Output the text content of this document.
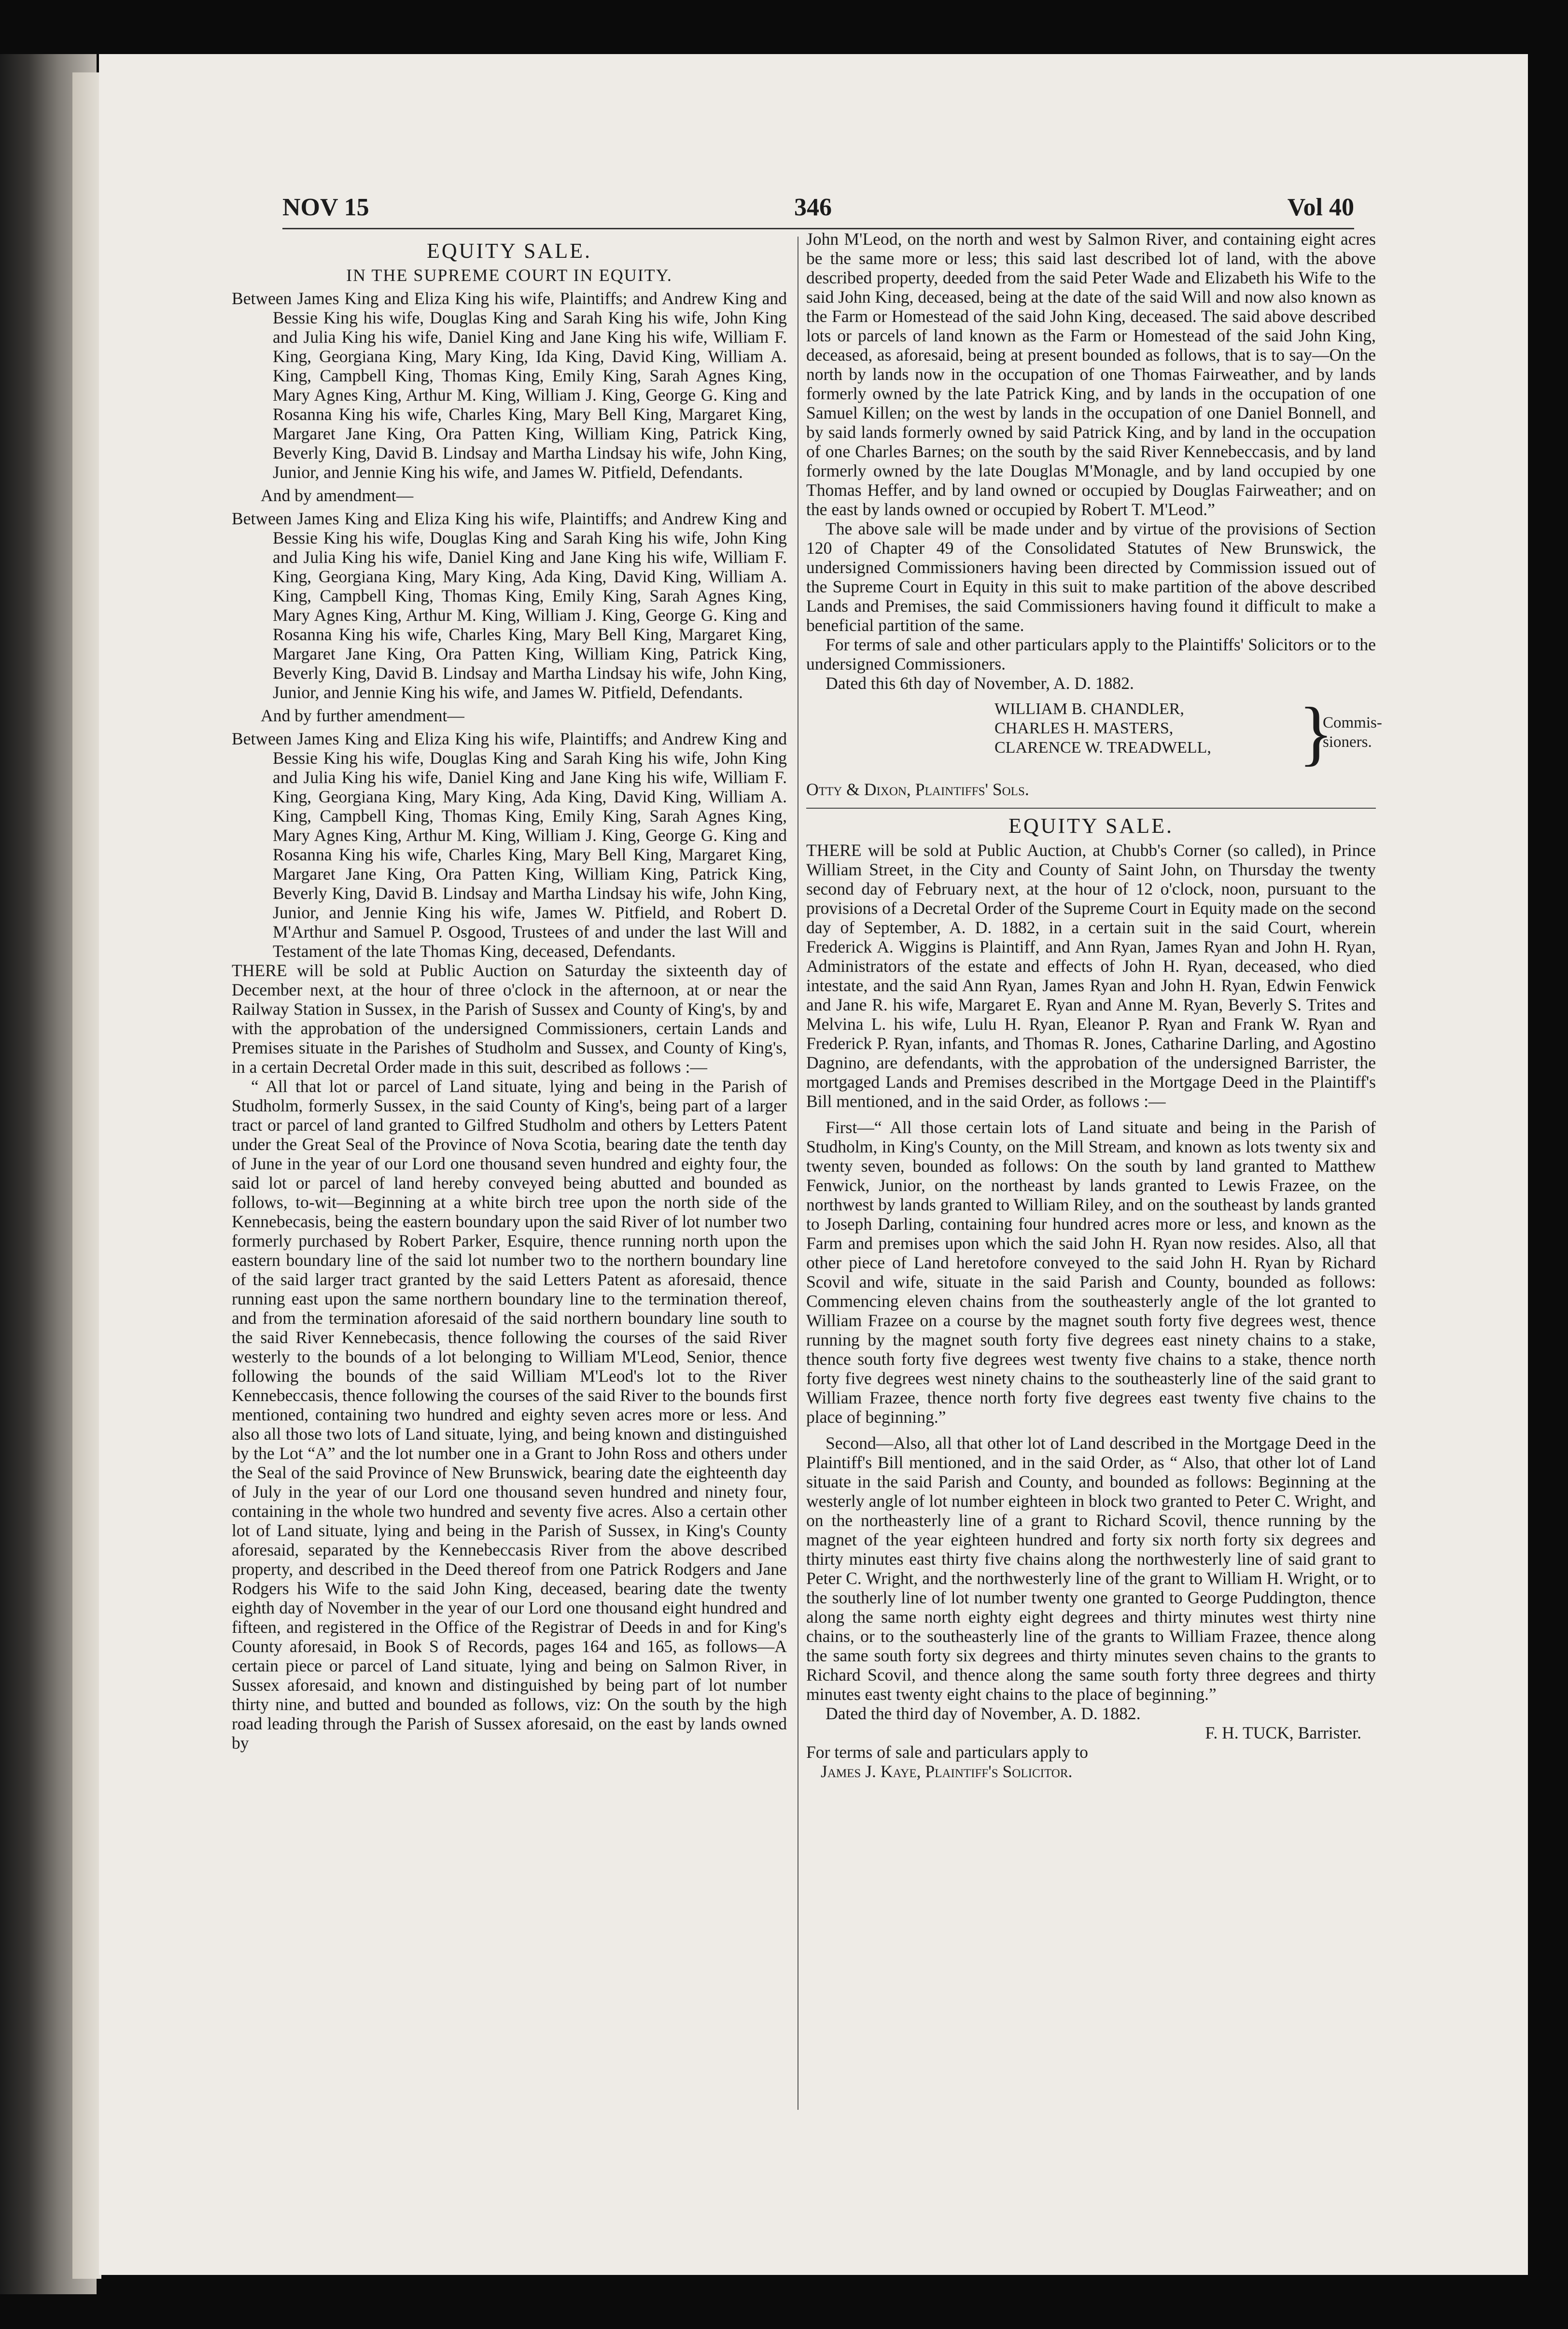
NOV 15	346	Vol 40

EQUITY SALE.

IN THE SUPREME COURT IN EQUITY.

Between James King and Eliza King his wife, Plaintiffs; and Andrew King and Bessie King his wife, Douglas King and Sarah King his wife, John King and Julia King his wife, Daniel King and Jane King his wife, William F. King, Georgiana King, Mary King, Ida King, David King, William A. King, Campbell King, Thomas King, Emily King, Sarah Agnes King, Mary Agnes King, Arthur M. King, William J. King, George G. King and Rosanna King his wife, Charles King, Mary Bell King, Margaret King, Margaret Jane King, Ora Patten King, William King, Patrick King, Beverly King, David B. Lindsay and Martha Lindsay his wife, John King, Junior, and Jennie King his wife, and James W. Pitfield, Defendants.

And by amendment—

Between James King and Eliza King his wife, Plaintiffs; and Andrew King and Bessie King his wife, Douglas King and Sarah King his wife, John King and Julia King his wife, Daniel King and Jane King his wife, William F. King, Georgiana King, Mary King, Ada King, David King, William A. King, Campbell King, Thomas King, Emily King, Sarah Agnes King, Mary Agnes King, Arthur M. King, William J. King, George G. King and Rosanna King his wife, Charles King, Mary Bell King, Margaret King, Margaret Jane King, Ora Patten King, William King, Patrick King, Beverly King, David B. Lindsay and Martha Lindsay his wife, John King, Junior, and Jennie King his wife, and James W. Pitfield, Defendants.

And by further amendment—

Between James King and Eliza King his wife, Plaintiffs; and Andrew King and Bessie King his wife, Douglas King and Sarah King his wife, John King and Julia King his wife, Daniel King and Jane King his wife, William F. King, Georgiana King, Mary King, Ada King, David King, William A. King, Campbell King, Thomas King, Emily King, Sarah Agnes King, Mary Agnes King, Arthur M. King, William J. King, George G. King and Rosanna King his wife, Charles King, Mary Bell King, Margaret King, Margaret Jane King, Ora Patten King, William King, Patrick King, Beverly King, David B. Lindsay and Martha Lindsay his wife, John King, Junior, and Jennie King his wife, James W. Pitfield, and Robert D. M'Arthur and Samuel P. Osgood, Trustees of and under the last Will and Testament of the late Thomas King, deceased, Defendants.

THERE will be sold at Public Auction on Saturday the sixteenth day of December next, at the hour of three o'clock in the afternoon, at or near the Railway Station in Sussex, in the Parish of Sussex and County of King's, by and with the approbation of the undersigned Commissioners, certain Lands and Premises situate in the Parishes of Studholm and Sussex, and County of King's, in a certain Decretal Order made in this suit, described as follows :—

“ All that lot or parcel of Land situate, lying and being in the Parish of Studholm, formerly Sussex, in the said County of King's, being part of a larger tract or parcel of land granted to Gilfred Studholm and others by Letters Patent under the Great Seal of the Province of Nova Scotia, bearing date the tenth day of June in the year of our Lord one thousand seven hundred and eighty four, the said lot or parcel of land hereby conveyed being abutted and bounded as follows, to-wit—Beginning at a white birch tree upon the north side of the Kennebecasis, being the eastern boundary upon the said River of lot number two formerly purchased by Robert Parker, Esquire, thence running north upon the eastern boundary line of the said lot number two to the northern boundary line of the said larger tract granted by the said Letters Patent as aforesaid, thence running east upon the same northern boundary line to the termination thereof, and from the termination aforesaid of the said northern boundary line south to the said River Kennebecasis, thence following the courses of the said River westerly to the bounds of a lot belonging to William M'Leod, Senior, thence following the bounds of the said William M'Leod's lot to the River Kennebeccasis, thence following the courses of the said River to the bounds first mentioned, containing two hundred and eighty seven acres more or less. And also all those two lots of Land situate, lying, and being known and distinguished by the Lot “A” and the lot number one in a Grant to John Ross and others under the Seal of the said Province of New Brunswick, bearing date the eighteenth day of July in the year of our Lord one thousand seven hundred and ninety four, containing in the whole two hundred and seventy five acres. Also a certain other lot of Land situate, lying and being in the Parish of Sussex, in King's County aforesaid, separated by the Kennebeccasis River from the above described property, and described in the Deed thereof from one Patrick Rodgers and Jane Rodgers his Wife to the said John King, deceased, bearing date the twenty eighth day of November in the year of our Lord one thousand eight hundred and fifteen, and registered in the Office of the Registrar of Deeds in and for King's County aforesaid, in Book S of Records, pages 164 and 165, as follows—A certain piece or parcel of Land situate, lying and being on Salmon River, in Sussex aforesaid, and known and distinguished by being part of lot number thirty nine, and butted and bounded as follows, viz: On the south by the high road leading through the Parish of Sussex aforesaid, on the east by lands owned by

John M'Leod, on the north and west by Salmon River, and containing eight acres be the same more or less; this said last described lot of land, with the above described property, deeded from the said Peter Wade and Elizabeth his Wife to the said John King, deceased, being at the date of the said Will and now also known as the Farm or Homestead of the said John King, deceased. The said above described lots or parcels of land known as the Farm or Homestead of the said John King, deceased, as aforesaid, being at present bounded as follows, that is to say—On the north by lands now in the occupation of one Thomas Fairweather, and by lands formerly owned by the late Patrick King, and by lands in the occupation of one Samuel Killen; on the west by lands in the occupation of one Daniel Bonnell, and by said lands formerly owned by said Patrick King, and by land in the occupation of one Charles Barnes; on the south by the said River Kennebeccasis, and by land formerly owned by the late Douglas M'Monagle, and by land occupied by one Thomas Heffer, and by land owned or occupied by Douglas Fairweather; and on the east by lands owned or occupied by Robert T. M'Leod.”

The above sale will be made under and by virtue of the provisions of Section 120 of Chapter 49 of the Consolidated Statutes of New Brunswick, the undersigned Commissioners having been directed by Commission issued out of the Supreme Court in Equity in this suit to make partition of the above described Lands and Premises, the said Commissioners having found it difficult to make a beneficial partition of the same.

For terms of sale and other particulars apply to the Plaintiffs' Solicitors or to the undersigned Commissioners.

Dated this 6th day of November, A. D. 1882.

WILLIAM B. CHANDLER,
CHARLES H. MASTERS,
CLARENCE W. TREADWELL,	}
Commis- sioners.

Otty & Dixon, Plaintiffs' Sols.

EQUITY SALE.

THERE will be sold at Public Auction, at Chubb's Corner (so called), in Prince William Street, in the City and County of Saint John, on Thursday the twenty second day of February next, at the hour of 12 o'clock, noon, pursuant to the provisions of a Decretal Order of the Supreme Court in Equity made on the second day of September, A. D. 1882, in a certain suit in the said Court, wherein Frederick A. Wiggins is Plaintiff, and Ann Ryan, James Ryan and John H. Ryan, Administrators of the estate and effects of John H. Ryan, deceased, who died intestate, and the said Ann Ryan, James Ryan and John H. Ryan, Edwin Fenwick and Jane R. his wife, Margaret E. Ryan and Anne M. Ryan, Beverly S. Trites and Melvina L. his wife, Lulu H. Ryan, Eleanor P. Ryan and Frank W. Ryan and Frederick P. Ryan, infants, and Thomas R. Jones, Catharine Darling, and Agostino Dagnino, are defendants, with the approbation of the undersigned Barrister, the mortgaged Lands and Premises described in the Mortgage Deed in the Plaintiff's Bill mentioned, and in the said Order, as follows :—

First—“ All those certain lots of Land situate and being in the Parish of Studholm, in King's County, on the Mill Stream, and known as lots twenty six and twenty seven, bounded as follows: On the south by land granted to Matthew Fenwick, Junior, on the northeast by lands granted to Lewis Frazee, on the northwest by lands granted to William Riley, and on the southeast by lands granted to Joseph Darling, containing four hundred acres more or less, and known as the Farm and premises upon which the said John H. Ryan now resides. Also, all that other piece of Land heretofore conveyed to the said John H. Ryan by Richard Scovil and wife, situate in the said Parish and County, bounded as follows: Commencing eleven chains from the southeasterly angle of the lot granted to William Frazee on a course by the magnet south forty five degrees west, thence running by the magnet south forty five degrees east ninety chains to a stake, thence south forty five degrees west twenty five chains to a stake, thence north forty five degrees west ninety chains to the southeasterly line of the said grant to William Frazee, thence north forty five degrees east twenty five chains to the place of beginning.”

Second—Also, all that other lot of Land described in the Mortgage Deed in the Plaintiff's Bill mentioned, and in the said Order, as “ Also, that other lot of Land situate in the said Parish and County, and bounded as follows: Beginning at the westerly angle of lot number eighteen in block two granted to Peter C. Wright, and on the northeasterly line of a grant to Richard Scovil, thence running by the magnet of the year eighteen hundred and forty six north forty six degrees and thirty minutes east thirty five chains along the northwesterly line of said grant to Peter C. Wright, and the northwesterly line of the grant to William H. Wright, or to the southerly line of lot number twenty one granted to George Puddington, thence along the same north eighty eight degrees and thirty minutes west thirty nine chains, or to the southeasterly line of the grants to William Frazee, thence along the same south forty six degrees and thirty minutes seven chains to the grants to Richard Scovil, and thence along the same south forty three degrees and thirty minutes east twenty eight chains to the place of beginning.”

Dated the third day of November, A. D. 1882.

F. H. TUCK, Barrister.

For terms of sale and particulars apply to

James J. Kaye, Plaintiff's Solicitor.
